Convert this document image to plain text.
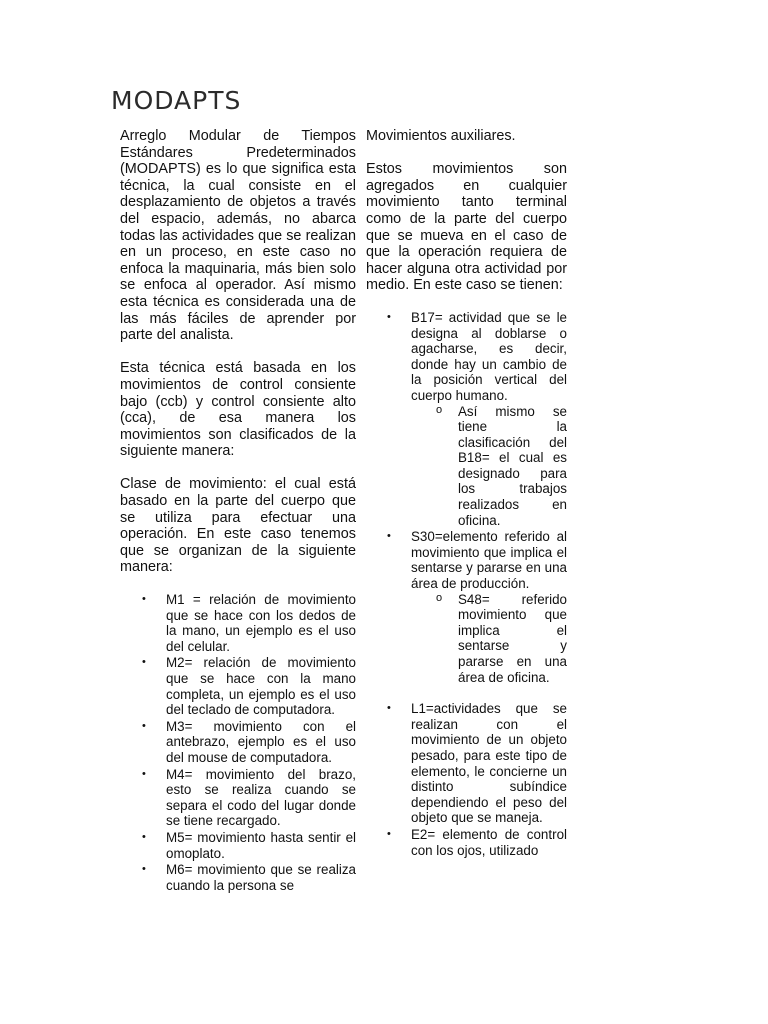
MODAPTS

Arreglo Modular de Tiempos Estándares Predeterminados (MODAPTS) es lo que significa esta técnica, la cual consiste en el desplazamiento de objetos a través del espacio, además, no abarca todas las actividades que se realizan en un proceso, en este caso no enfoca la maquinaria, más bien solo se enfoca al operador. Así mismo esta técnica es considerada una de las más fáciles de aprender por parte del analista.

Esta técnica está basada en los movimientos de control consiente bajo (ccb) y control consiente alto (cca), de esa manera los movimientos son clasificados de la siguiente manera:

Clase de movimiento: el cual está basado en la parte del cuerpo que se utiliza para efectuar una operación. En este caso tenemos que se organizan de la siguiente manera:

• M1 = relación de movimiento que se hace con los dedos de la mano, un ejemplo es el uso del celular.
• M2= relación de movimiento que se hace con la mano completa, un ejemplo es el uso del teclado de computadora.
• M3= movimiento con el antebrazo, ejemplo es el uso del mouse de computadora.
• M4= movimiento del brazo, esto se realiza cuando se separa el codo del lugar donde se tiene recargado.
• M5= movimiento hasta sentir el omoplato.
• M6= movimiento que se realiza cuando la persona se

Movimientos auxiliares.

Estos movimientos son agregados en cualquier movimiento tanto terminal como de la parte del cuerpo que se mueva en el caso de que la operación requiera de hacer alguna otra actividad por medio. En este caso se tienen:

• B17= actividad que se le designa al doblarse o agacharse, es decir, donde hay un cambio de la posición vertical del cuerpo humano.
o Así mismo se tiene la clasificación del B18= el cual es designado para los trabajos realizados en oficina.
• S30=elemento referido al movimiento que implica el sentarse y pararse en una área de producción.
o S48= referido movimiento que implica el sentarse y pararse en una área de oficina.
• L1=actividades que se realizan con el movimiento de un objeto pesado, para este tipo de elemento, le concierne un distinto subíndice dependiendo el peso del objeto que se maneja.
• E2= elemento de control con los ojos, utilizado
